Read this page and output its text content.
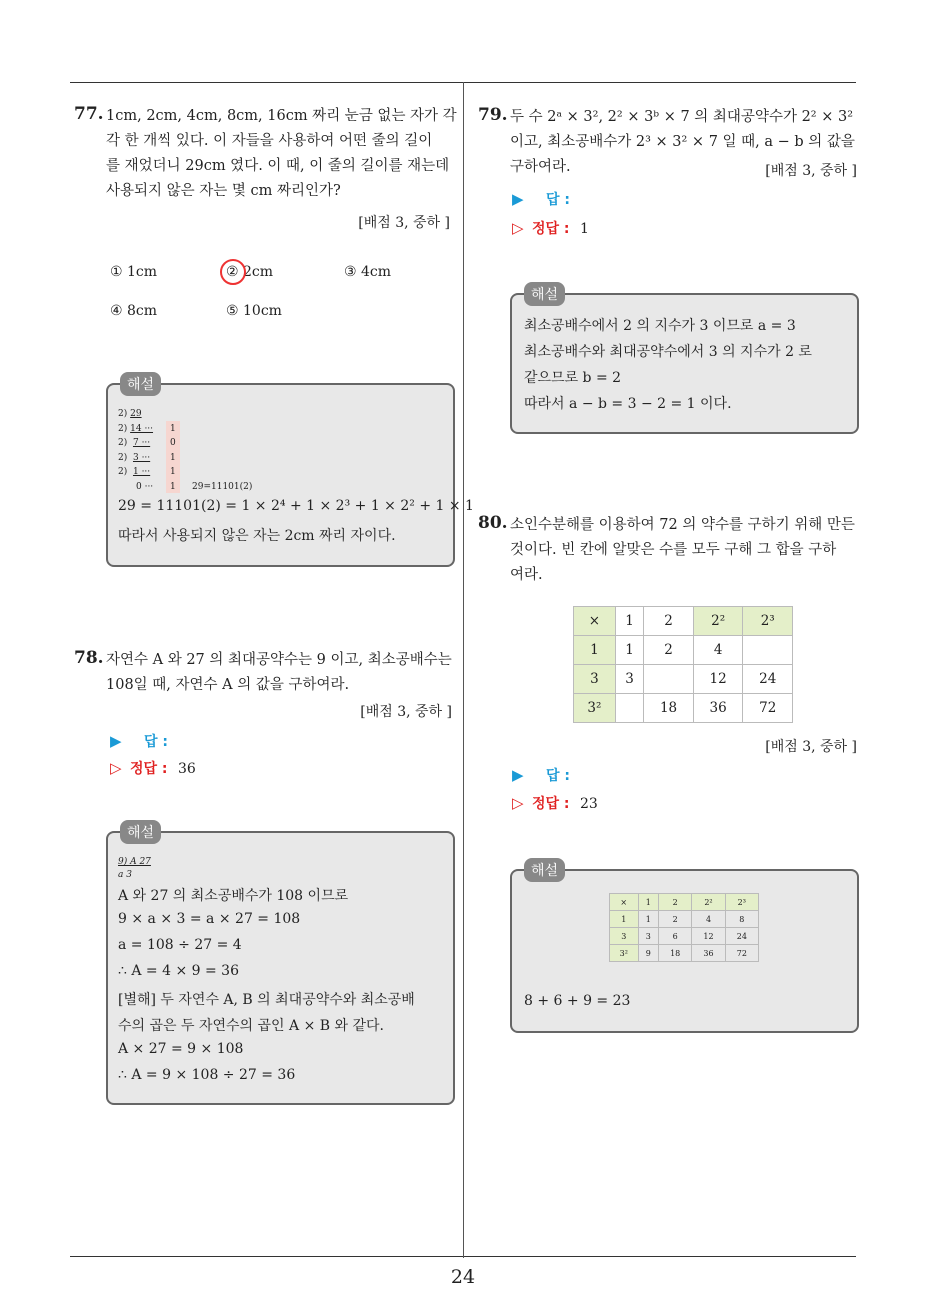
24
77. 1cm, 2cm, 4cm, 8cm, 16cm 짜리 눈금 없는 자가 각
각 한 개씩 있다. 이 자들을 사용하여 어떤 줄의 길이
를 재었더니 29cm 였다. 이 때, 이 줄의 길이를 재는데
사용되지 않은 자는 몇 cm 짜리인가?
[배점 3, 중하 ]
① 1cm	② 2cm	③ 4cm
④ 8cm	⑤ 10cm
해설
2) 29
2) 14 ··· 1
2) 7 ··· 0
2) 3 ··· 1
2) 1 ··· 1
0 ··· 1 29=11101(2)
29 = 11101(2) = 1 × 2⁴ + 1 × 2³ + 1 × 2² + 1 × 1
따라서 사용되지 않은 자는 2cm 짜리 자이다.
78. 자연수 A 와 27 의 최대공약수는 9 이고, 최소공배수는
108일 때, 자연수 A 의 값을 구하여라.
[배점 3, 중하 ]
▶ 답 :
▷ 정답 : 36
해설
9) A 27
a 3
A 와 27 의 최소공배수가 108 이므로
9 × a × 3 = a × 27 = 108
a = 108 ÷ 27 = 4
∴ A = 4 × 9 = 36
[별해] 두 자연수 A, B 의 최대공약수와 최소공배
수의 곱은 두 자연수의 곱인 A × B 와 같다.
A × 27 = 9 × 108
∴ A = 9 × 108 ÷ 27 = 36
79. 두 수 2ᵃ × 3², 2² × 3ᵇ × 7 의 최대공약수가 2² × 3²
이고, 최소공배수가 2³ × 3² × 7 일 때, a − b 의 값을
구하여라.	[배점 3, 중하 ]
▶ 답 :
▷ 정답 : 1
해설
최소공배수에서 2 의 지수가 3 이므로 a = 3
최소공배수와 최대공약수에서 3 의 지수가 2 로
같으므로 b = 2
따라서 a − b = 3 − 2 = 1 이다.
80. 소인수분해를 이용하여 72 의 약수를 구하기 위해 만든
것이다. 빈 칸에 알맞은 수를 모두 구해 그 합을 구하
여라.
×	1	2	2²	2³
1	1	2	4	
3	3		12	24
3²		18	36	72
[배점 3, 중하 ]
▶ 답 :
▷ 정답 : 23
해설
×	1	2	2²	2³
1	1	2	4	8
3	3	6	12	24
3²	9	18	36	72
8 + 6 + 9 = 23
